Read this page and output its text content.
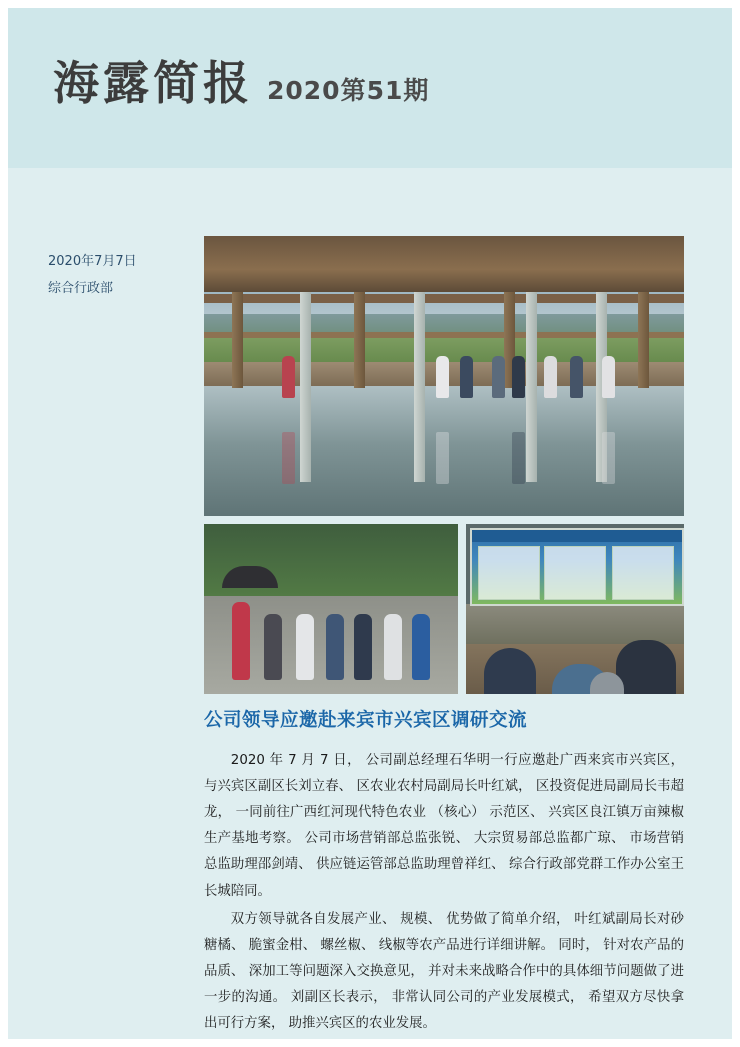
海露简报 2020第51期
2020年7月7日
综合行政部
公司领导应邀赴来宾市兴宾区调研交流

2020 年 7 月 7 日， 公司副总经理石华明一行应邀赴广西来宾市兴宾区， 与兴宾区副区长刘立春、 区农业农村局副局长叶红斌， 区投资促进局副局长韦超龙， 一同前往广西红河现代特色农业 （核心） 示范区、 兴宾区良江镇万亩辣椒生产基地考察。 公司市场营销部总监张锐、 大宗贸易部总监都广琼、 市场营销总监助理邵剑靖、 供应链运管部总监助理曾祥红、 综合行政部党群工作办公室王长城陪同。

双方领导就各自发展产业、 规模、 优势做了简单介绍， 叶红斌副局长对砂糖橘、 脆蜜金柑、 螺丝椒、 线椒等农产品进行详细讲解。 同时， 针对农产品的品质、 深加工等问题深入交换意见， 并对未来战略合作中的具体细节问题做了进一步的沟通。 刘副区长表示， 非常认同公司的产业发展模式， 希望双方尽快拿出可行方案， 助推兴宾区的农业发展。
